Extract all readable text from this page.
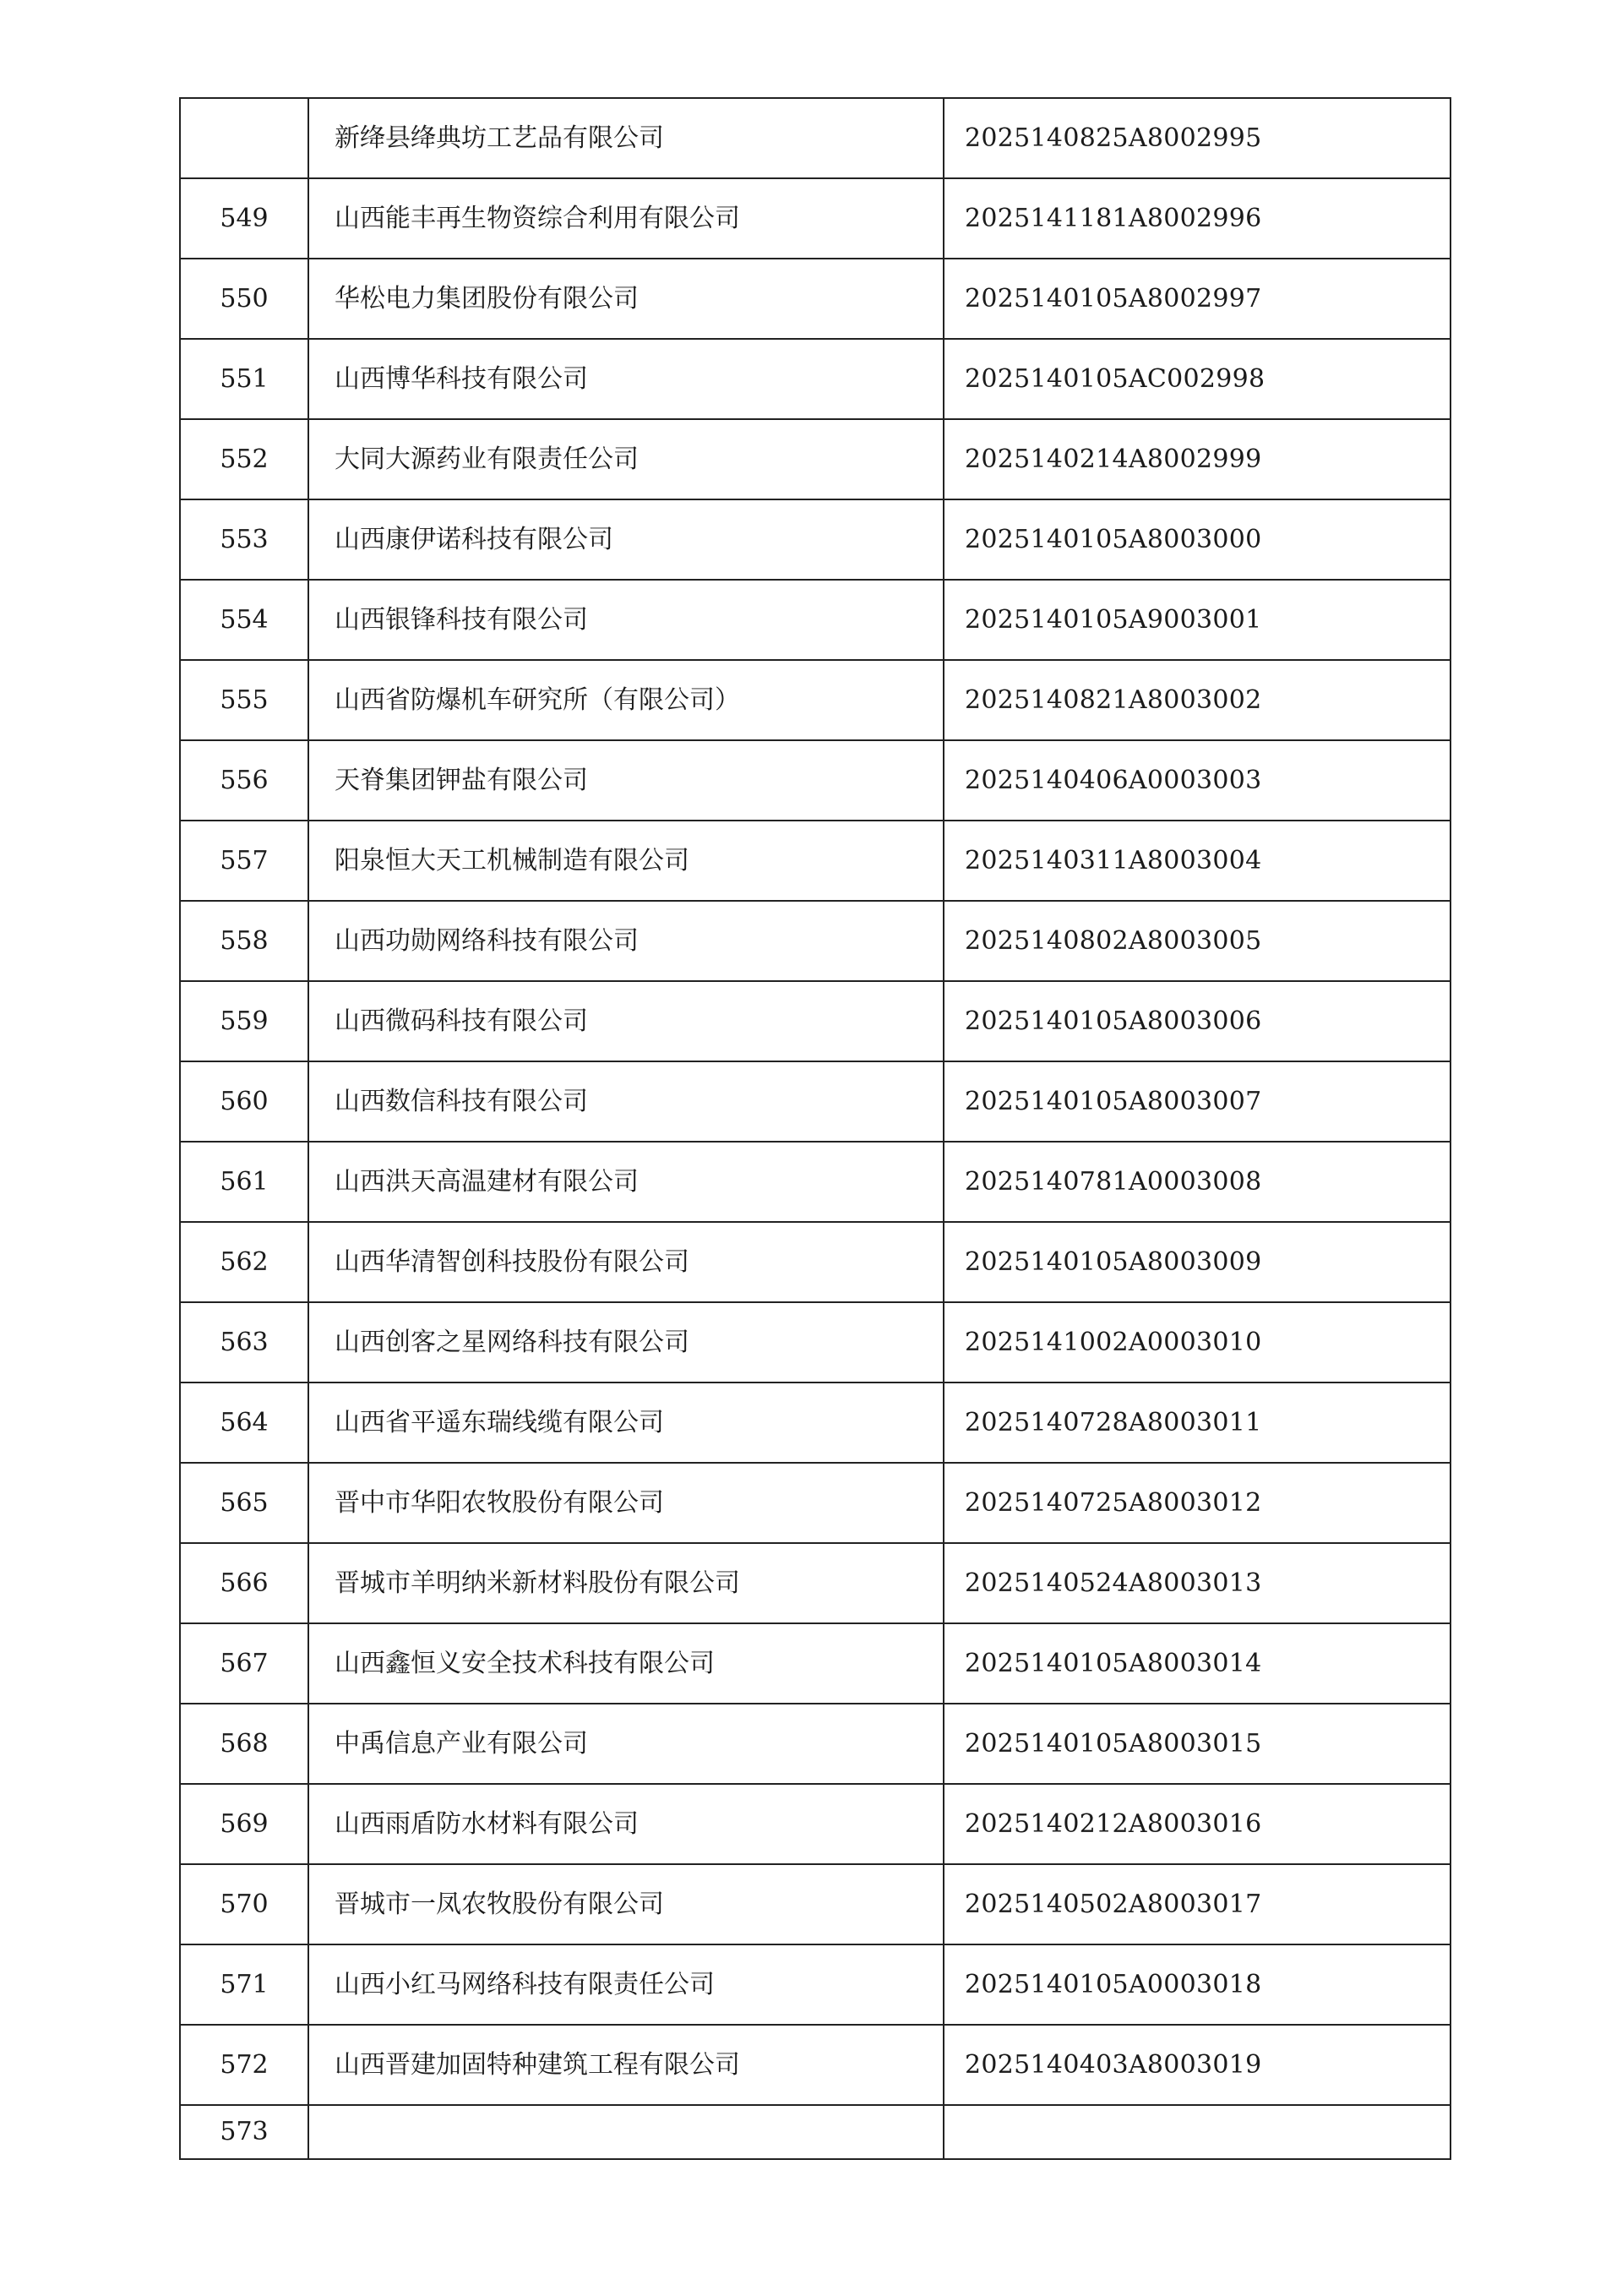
	新绛县绛典坊工艺品有限公司	2025140825A8002995
549	山西能丰再生物资综合利用有限公司	2025141181A8002996
550	华松电力集团股份有限公司	2025140105A8002997
551	山西博华科技有限公司	2025140105AC002998
552	大同大源药业有限责任公司	2025140214A8002999
553	山西康伊诺科技有限公司	2025140105A8003000
554	山西银锋科技有限公司	2025140105A9003001
555	山西省防爆机车研究所（有限公司）	2025140821A8003002
556	天脊集团钾盐有限公司	2025140406A0003003
557	阳泉恒大天工机械制造有限公司	2025140311A8003004
558	山西功勋网络科技有限公司	2025140802A8003005
559	山西微码科技有限公司	2025140105A8003006
560	山西数信科技有限公司	2025140105A8003007
561	山西洪天高温建材有限公司	2025140781A0003008
562	山西华清智创科技股份有限公司	2025140105A8003009
563	山西创客之星网络科技有限公司	2025141002A0003010
564	山西省平遥东瑞线缆有限公司	2025140728A8003011
565	晋中市华阳农牧股份有限公司	2025140725A8003012
566	晋城市羊明纳米新材料股份有限公司	2025140524A8003013
567	山西鑫恒义安全技术科技有限公司	2025140105A8003014
568	中禹信息产业有限公司	2025140105A8003015
569	山西雨盾防水材料有限公司	2025140212A8003016
570	晋城市一凤农牧股份有限公司	2025140502A8003017
571	山西小红马网络科技有限责任公司	2025140105A0003018
572	山西晋建加固特种建筑工程有限公司	2025140403A8003019
573		
